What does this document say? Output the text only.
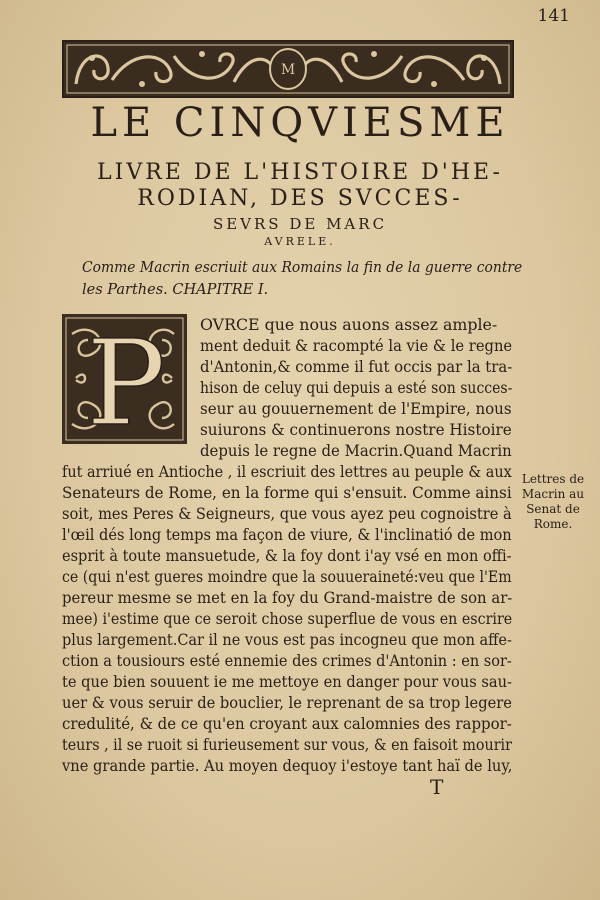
141
M
LE CINQVIESME
LIVRE DE L'HISTOIRE D'HE-
RODIAN, DES SVCCES-
SEVRS DE MARC
AVRELE.
Comme Macrin escriuit aux Romains la fin de la guerre contre
les Parthes. CHAPITRE I.
P OVRCE que nous auons assez ample-
ment deduit & racompté la vie & le regne
d'Antonin,& comme il fut occis par la tra-
hison de celuy qui depuis a esté son succes-
seur au gouuernement de l'Empire, nous
suiurons & continuerons nostre Histoire
depuis le regne de Macrin.Quand Macrin
fut arriué en Antioche , il escriuit des lettres au peuple & aux
Senateurs de Rome, en la forme qui s'ensuit. Comme ainsi
soit, mes Peres & Seigneurs, que vous ayez peu cognoistre à
l'œil dés long temps ma façon de viure, & l'inclinatió de mon
esprit à toute mansuetude, & la foy dont i'ay vsé en mon offi-
ce (qui n'est gueres moindre que la souueraineté:veu que l'Em
pereur mesme se met en la foy du Grand-maistre de son ar-
mee) i'estime que ce seroit chose superflue de vous en escrire
plus largement.Car il ne vous est pas incogneu que mon affe-
ction a tousiours esté ennemie des crimes d'Antonin : en sor-
te que bien souuent ie me mettoye en danger pour vous sau-
uer & vous seruir de bouclier, le reprenant de sa trop legere
credulité, & de ce qu'en croyant aux calomnies des rappor-
teurs , il se ruoit si furieusement sur vous, & en faisoit mourir
vne grande partie. Au moyen dequoy i'estoye tant haï de luy,
Lettres de
Macrin au
Senat de
Rome.
T
